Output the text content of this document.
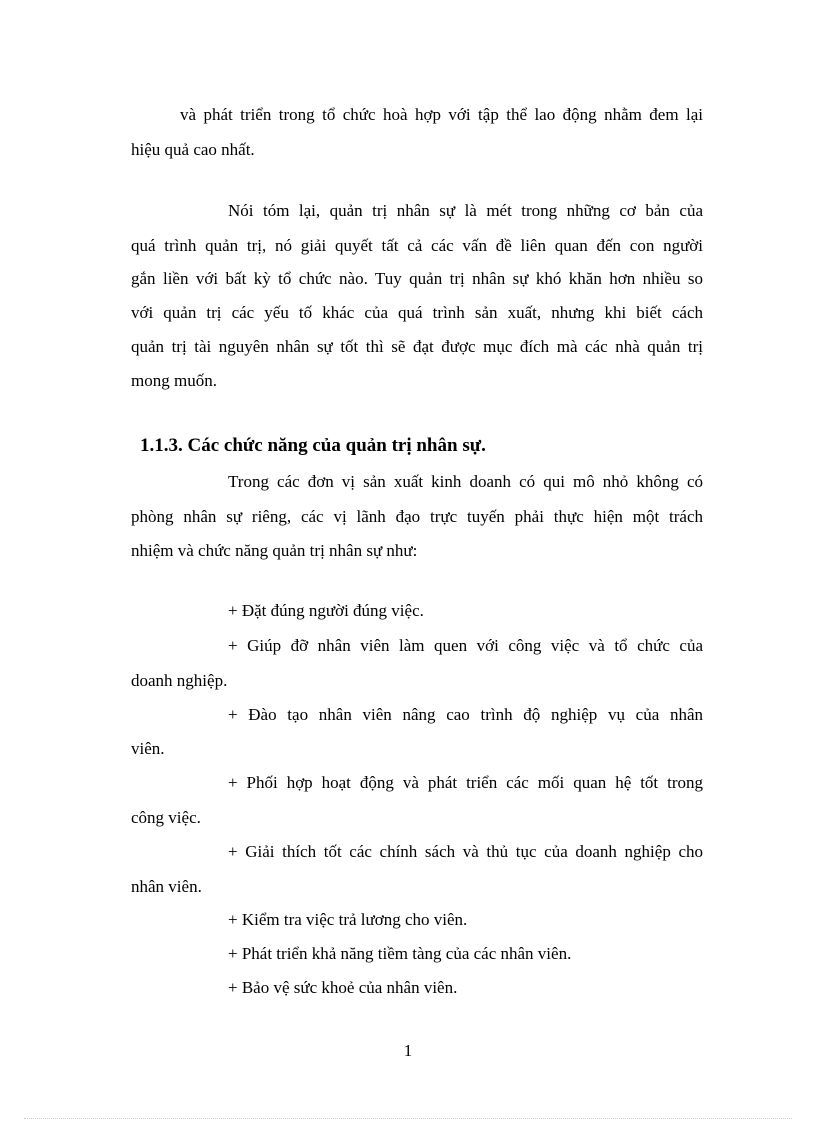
và phát triển trong tổ chức hoà hợp với tập thể lao động nhằm đem lại
hiệu quả cao nhất.
Nói tóm lại, quản trị nhân sự là mét trong những cơ bản của
quá trình quản trị, nó giải quyết tất cả các vấn đề liên quan đến con người
gắn liền với bất kỳ tổ chức nào. Tuy quản trị nhân sự khó khăn hơn nhiều so
với quản trị các yếu tố khác của quá trình sản xuất, nhưng khi biết cách
quản trị tài nguyên nhân sự tốt thì sẽ đạt được mục đích mà các nhà quản trị
mong muốn.
1.1.3. Các chức năng của quản trị nhân sự.
Trong các đơn vị sản xuất kinh doanh có qui mô nhỏ không có
phòng nhân sự riêng, các vị lãnh đạo trực tuyến phải thực hiện một trách
nhiệm và chức năng quản trị nhân sự như:
+ Đặt đúng người đúng việc.
+ Giúp đỡ nhân viên làm quen với công việc và tổ chức của
doanh nghiệp.
+ Đào tạo nhân viên nâng cao trình độ nghiệp vụ của nhân
viên.
+ Phối hợp hoạt động và phát triển các mối quan hệ tốt trong
công việc.
+ Giải thích tốt các chính sách và thủ tục của doanh nghiệp cho
nhân viên.
+ Kiểm tra việc trả lương cho viên.
+ Phát triển khả năng tiềm tàng của các nhân viên.
+ Bảo vệ sức khoẻ của nhân viên.
1
